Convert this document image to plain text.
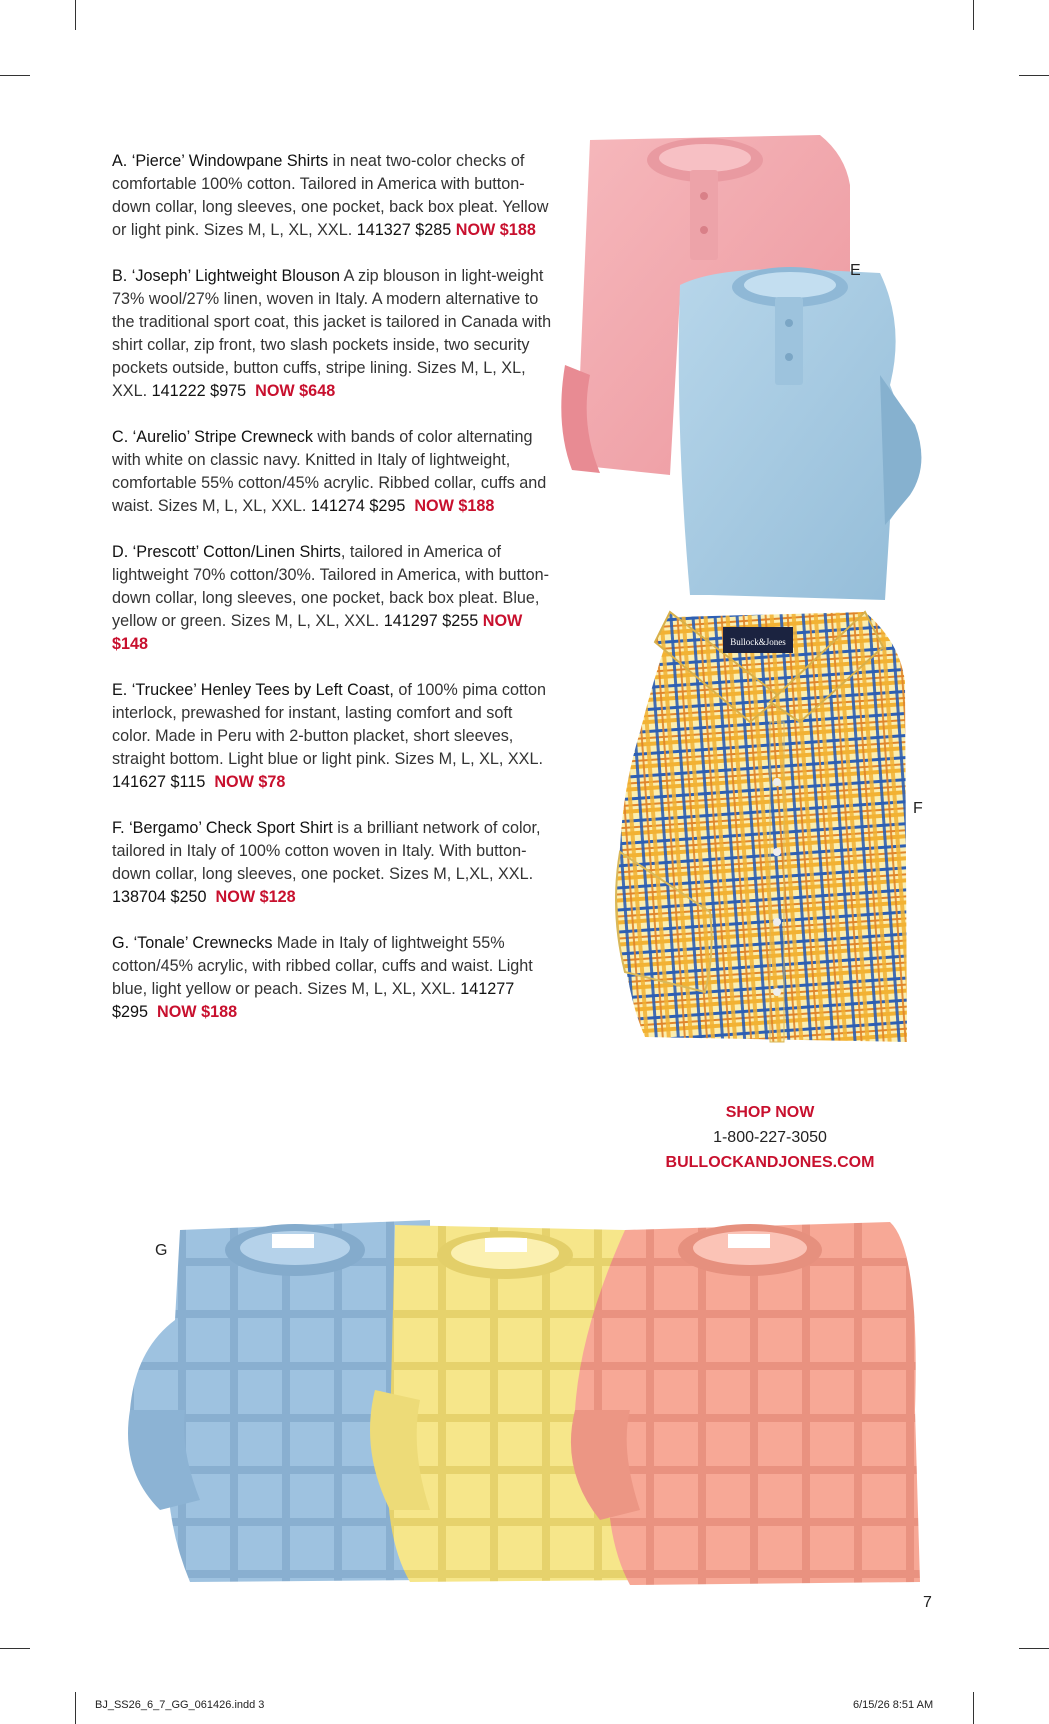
A. ‘Pierce’ Windowpane Shirts in neat two-color checks of comfortable 100% cotton. Tailored in America with button-down collar, long sleeves, one pocket, back box pleat. Yellow or light pink. Sizes M, L, XL, XXL. 141327 $285 NOW $188

B. ‘Joseph’ Lightweight Blouson A zip blouson in light-weight 73% wool/27% linen, woven in Italy. A modern alternative to the traditional sport coat, this jacket is tailored in Canada with shirt collar, zip front, two slash pockets inside, two security pockets outside, button cuffs, stripe lining. Sizes M, L, XL, XXL. 141222 $975 NOW $648

C. ‘Aurelio’ Stripe Crewneck with bands of color alternating with white on classic navy. Knitted in Italy of lightweight, comfortable 55% cotton/45% acrylic. Ribbed collar, cuffs and waist. Sizes M, L, XL, XXL. 141274 $295 NOW $188

D. ‘Prescott’ Cotton/Linen Shirts, tailored in America of lightweight 70% cotton/30%. Tailored in America, with button-down collar, long sleeves, one pocket, back box pleat. Blue, yellow or green. Sizes M, L, XL, XXL. 141297 $255 NOW $148

E. ‘Truckee’ Henley Tees by Left Coast, of 100% pima cotton interlock, prewashed for instant, lasting comfort and soft color. Made in Peru with 2-button placket, short sleeves, straight bottom. Light blue or light pink. Sizes M, L, XL, XXL. 141627 $115 NOW $78

F. ‘Bergamo’ Check Sport Shirt is a brilliant network of color, tailored in Italy of 100% cotton woven in Italy. With button-down collar, long sleeves, one pocket. Sizes M, L,XL, XXL. 138704 $250 NOW $128

G. ‘Tonale’ Crewnecks Made in Italy of lightweight 55% cotton/45% acrylic, with ribbed collar, cuffs and waist. Light blue, light yellow or peach. Sizes M, L, XL, XXL. 141277 $295 NOW $188

E
Bullock&Jones
F
SHOP NOW
1-800-227-3050
BULLOCKANDJONES.COM
G
7
BJ_SS26_6_7_GG_061426.indd 3	6/15/26 8:51 AM
